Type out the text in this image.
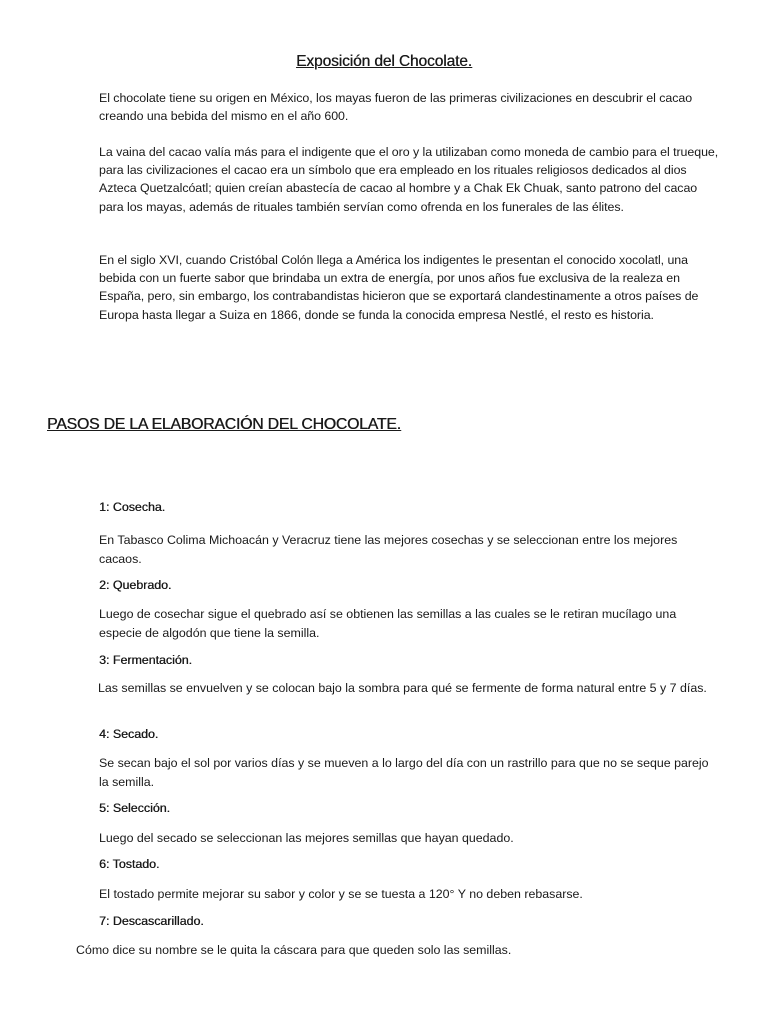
Exposición del Chocolate.

El chocolate tiene su origen en México, los mayas fueron de las primeras civilizaciones en descubrir el cacao creando una bebida del mismo en el año 600.

La vaina del cacao valía más para el indigente que el oro y la utilizaban como moneda de cambio para el trueque, para las civilizaciones el cacao era un símbolo que era empleado en los rituales religiosos dedicados al dios Azteca Quetzalcóatl; quien creían abastecía de cacao al hombre y a Chak Ek Chuak, santo patrono del cacao para los mayas, además de rituales también servían como ofrenda en los funerales de las élites.

En el siglo XVI, cuando Cristóbal Colón llega a América los indigentes le presentan el conocido xocolatl, una bebida con un fuerte sabor que brindaba un extra de energía, por unos años fue exclusiva de la realeza en España, pero, sin embargo, los contrabandistas hicieron que se exportará clandestinamente a otros países de Europa hasta llegar a Suiza en 1866, donde se funda la conocida empresa Nestlé, el resto es historia.

PASOS DE LA ELABORACIÓN DEL CHOCOLATE.
1: Cosecha.

En Tabasco Colima Michoacán y Veracruz tiene las mejores cosechas y se seleccionan entre los mejores cacaos.

2: Quebrado.

Luego de cosechar sigue el quebrado así se obtienen las semillas a las cuales se le retiran mucílago una especie de algodón que tiene la semilla.

3: Fermentación.

Las semillas se envuelven y se colocan bajo la sombra para qué se fermente de forma natural entre 5 y 7 días.

4: Secado.

Se secan bajo el sol por varios días y se mueven a lo largo del día con un rastrillo para que no se seque parejo la semilla.

5: Selección.

Luego del secado se seleccionan las mejores semillas que hayan quedado.

6: Tostado.

El tostado permite mejorar su sabor y color y se se tuesta a 120° Y no deben rebasarse.

7: Descascarillado.

Cómo dice su nombre se le quita la cáscara para que queden solo las semillas.
